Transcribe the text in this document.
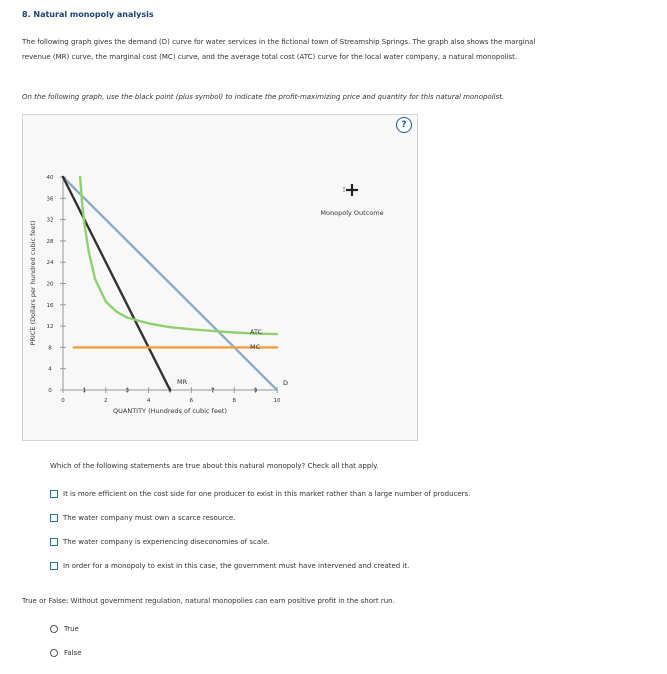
8. Natural monopoly analysis
The following graph gives the demand (D) curve for water services in the fictional town of Streamship Springs. The graph also shows the marginal
revenue (MR) curve, the marginal cost (MC) curve, and the average total cost (ATC) curve for the local water company, a natural monopolist.
On the following graph, use the black point (plus symbol) to indicate the profit-maximizing price and quantity for this natural monopolist.
?
0
4
8
12
16
20
24
28
32
36
40
0
1
2
3
4
5
6
7
8
9
10
PRICE (Dollars per hundred cubic feet)
QUANTITY (Hundreds of cubic feet)
ATC
MC
MR	D
Monopoly Outcome
Which of the following statements are true about this natural monopoly? Check all that apply.
It is more efficient on the cost side for one producer to exist in this market rather than a large number of producers.
The water company must own a scarce resource.
The water company is experiencing diseconomies of scale.
In order for a monopoly to exist in this case, the government must have intervened and created it.
True or False: Without government regulation, natural monopolies can earn positive profit in the short run.
True
False
